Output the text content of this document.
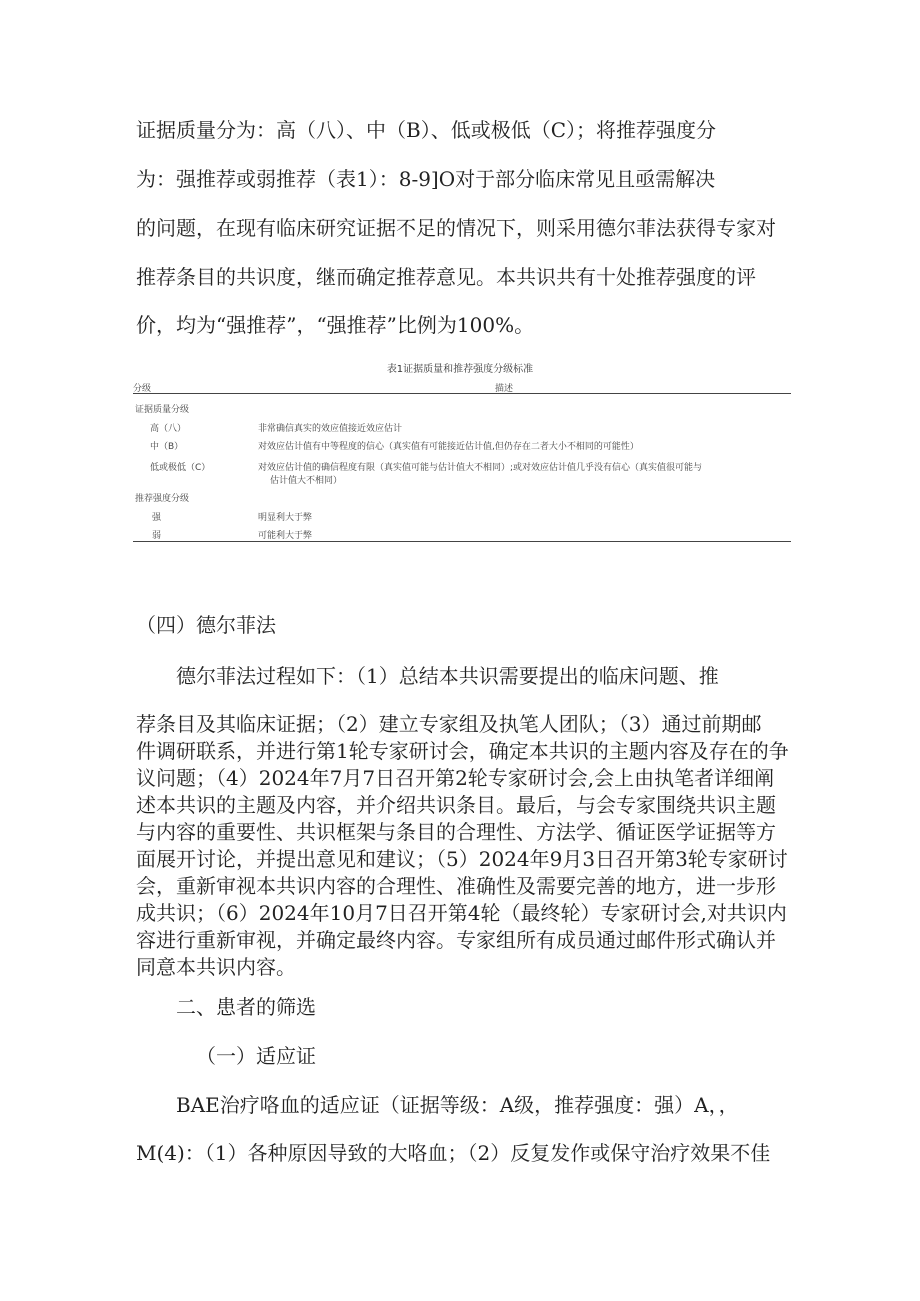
证据质量分为：高（八）、中（B）、低或极低（C）；将推荐强度分
为：强推荐或弱推荐（表1）：8-9]O对于部分临床常见且亟需解决
的问题，在现有临床研究证据不足的情况下，则采用德尔菲法获得专家对
推荐条目的共识度，继而确定推荐意见。本共识共有十处推荐强度的评
价，均为“强推荐”，“强推荐”比例为100%。
表1证据质量和推荐强度分级标准
分级	描述
证据质量分级
高（八）	非常确信真实的效应值接近效应估计
中（B）	对效应估计值有中等程度的信心（真实值有可能接近估计值,但仍存在二者大小不相同的可能性）
低或极低（C）	对效应估计值的确信程度有限（真实值可能与估计值大不相同）;或对效应估计值几乎没有信心（真实值很可能与
估计值大不相同）
推荐强度分级
强	明显利大于弊
弱	可能利大于弊
（四）德尔菲法
德尔菲法过程如下：（1）总结本共识需要提出的临床问题、推
荐条目及其临床证据；（2）建立专家组及执笔人团队；（3）通过前期邮
件调研联系，并进行第1轮专家研讨会，确定本共识的主题内容及存在的争
议问题；（4）2024年7月7日召开第2轮专家研讨会,会上由执笔者详细阐
述本共识的主题及内容，并介绍共识条目。最后，与会专家围绕共识主题
与内容的重要性、共识框架与条目的合理性、方法学、循证医学证据等方
面展开讨论，并提出意见和建议；（5）2024年9月3日召开第3轮专家研讨
会，重新审视本共识内容的合理性、准确性及需要完善的地方，进一步形
成共识；（6）2024年10月7日召开第4轮（最终轮）专家研讨会,对共识内
容进行重新审视，并确定最终内容。专家组所有成员通过邮件形式确认并
同意本共识内容。
二、患者的筛选
（一）适应证
BAE治疗咯血的适应证（证据等级：A级，推荐强度：强）A，，
M(4)：（1）各种原因导致的大咯血；（2）反复发作或保守治疗效果不佳
